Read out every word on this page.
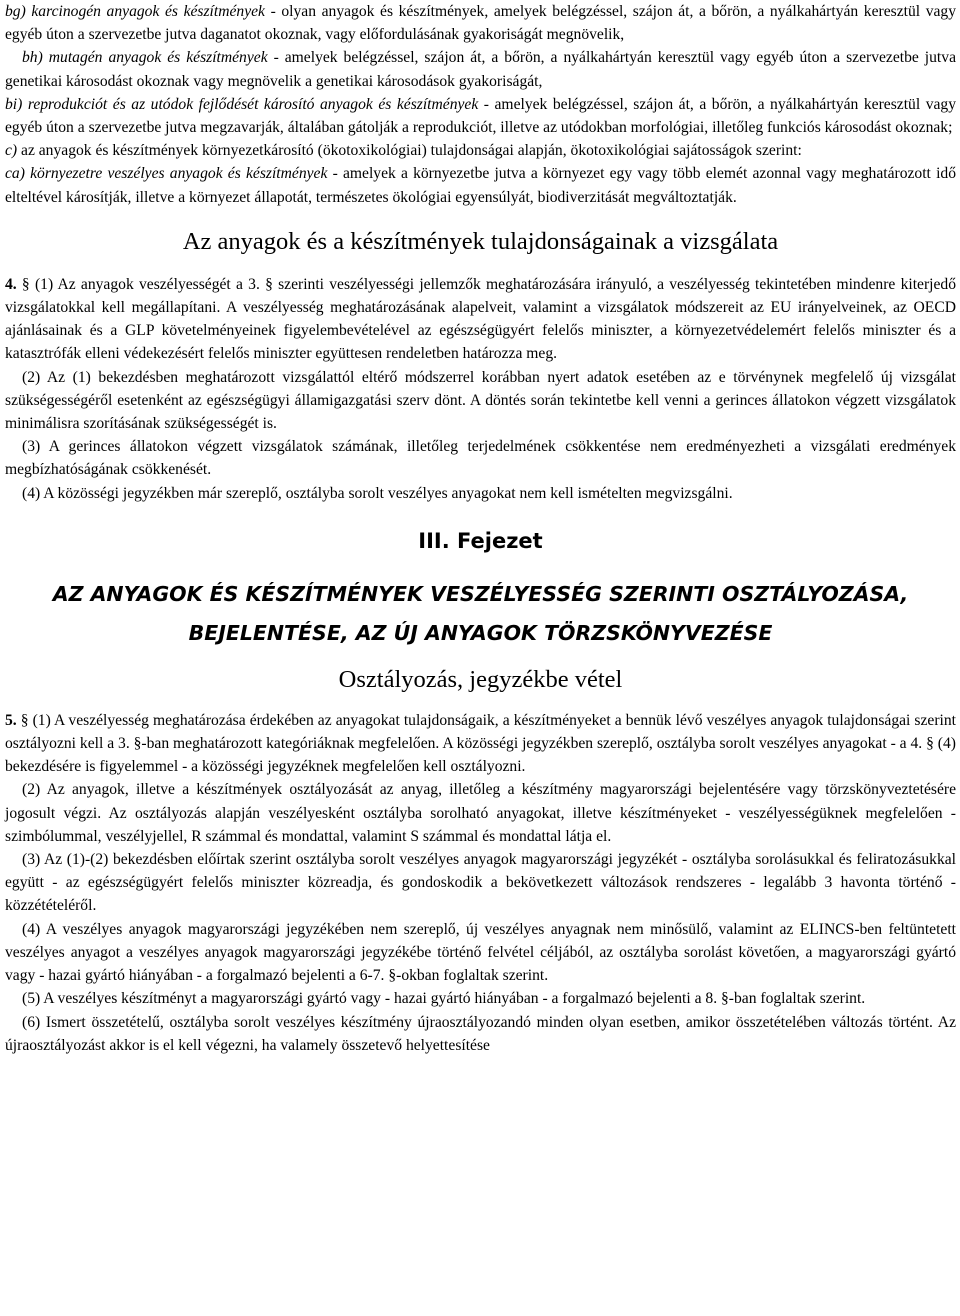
bg) karcinogén anyagok és készítmények - olyan anyagok és készítmények, amelyek belégzéssel, szájon át, a bőrön, a nyálkahártyán keresztül vagy egyéb úton a szervezetbe jutva daganatot okoznak, vagy előfordulásának gyakoriságát megnövelik,

bh) mutagén anyagok és készítmények - amelyek belégzéssel, szájon át, a bőrön, a nyálkahártyán keresztül vagy egyéb úton a szervezetbe jutva genetikai károsodást okoznak vagy megnövelik a genetikai károsodások gyakoriságát,

bi) reprodukciót és az utódok fejlődését károsító anyagok és készítmények - amelyek belégzéssel, szájon át, a bőrön, a nyálkahártyán keresztül vagy egyéb úton a szervezetbe jutva megzavarják, általában gátolják a reprodukciót, illetve az utódokban morfológiai, illetőleg funkciós károsodást okoznak;

c) az anyagok és készítmények környezetkárosító (ökotoxikológiai) tulajdonságai alapján, ökotoxikológiai sajátosságok szerint:

ca) környezetre veszélyes anyagok és készítmények - amelyek a környezetbe jutva a környezet egy vagy több elemét azonnal vagy meghatározott idő elteltével károsítják, illetve a környezet állapotát, természetes ökológiai egyensúlyát, biodiverzitását megváltoztatják.

Az anyagok és a készítmények tulajdonságainak a vizsgálata

4. § (1) Az anyagok veszélyességét a 3. § szerinti veszélyességi jellemzők meghatározására irányuló, a veszélyesség tekintetében mindenre kiterjedő vizsgálatokkal kell megállapítani. A veszélyesség meghatározásának alapelveit, valamint a vizsgálatok módszereit az EU irányelveinek, az OECD ajánlásainak és a GLP követelményeinek figyelembevételével az egészségügyért felelős miniszter, a környezetvédelemért felelős miniszter és a katasztrófák elleni védekezésért felelős miniszter együttesen rendeletben határozza meg.

(2) Az (1) bekezdésben meghatározott vizsgálattól eltérő módszerrel korábban nyert adatok esetében az e törvénynek megfelelő új vizsgálat szükségességéről esetenként az egészségügyi államigazgatási szerv dönt. A döntés során tekintetbe kell venni a gerinces állatokon végzett vizsgálatok minimálisra szorításának szükségességét is.

(3) A gerinces állatokon végzett vizsgálatok számának, illetőleg terjedelmének csökkentése nem eredményezheti a vizsgálati eredmények megbízhatóságának csökkenését.

(4) A közösségi jegyzékben már szereplő, osztályba sorolt veszélyes anyagokat nem kell ismételten megvizsgálni.

III. Fejezet
AZ ANYAGOK ÉS KÉSZÍTMÉNYEK VESZÉLYESSÉG SZERINTI OSZTÁLYOZÁSA,
BEJELENTÉSE, AZ ÚJ ANYAGOK TÖRZSKÖNYVEZÉSE
Osztályozás, jegyzékbe vétel

5. § (1) A veszélyesség meghatározása érdekében az anyagokat tulajdonságaik, a készítményeket a bennük lévő veszélyes anyagok tulajdonságai szerint osztályozni kell a 3. §-ban meghatározott kategóriáknak megfelelően. A közösségi jegyzékben szereplő, osztályba sorolt veszélyes anyagokat - a 4. § (4) bekezdésére is figyelemmel - a közösségi jegyzéknek megfelelően kell osztályozni.

(2) Az anyagok, illetve a készítmények osztályozását az anyag, illetőleg a készítmény magyarországi bejelentésére vagy törzskönyveztetésére jogosult végzi. Az osztályozás alapján veszélyesként osztályba sorolható anyagokat, illetve készítményeket - veszélyességüknek megfelelően - szimbólummal, veszélyjellel, R számmal és mondattal, valamint S számmal és mondattal látja el.

(3) Az (1)-(2) bekezdésben előírtak szerint osztályba sorolt veszélyes anyagok magyarországi jegyzékét - osztályba sorolásukkal és feliratozásukkal együtt - az egészségügyért felelős miniszter közreadja, és gondoskodik a bekövetkezett változások rendszeres - legalább 3 havonta történő - közzétételéről.

(4) A veszélyes anyagok magyarországi jegyzékében nem szereplő, új veszélyes anyagnak nem minősülő, valamint az ELINCS-ben feltüntetett veszélyes anyagot a veszélyes anyagok magyarországi jegyzékébe történő felvétel céljából, az osztályba sorolást követően, a magyarországi gyártó vagy - hazai gyártó hiányában - a forgalmazó bejelenti a 6-7. §-okban foglaltak szerint.

(5) A veszélyes készítményt a magyarországi gyártó vagy - hazai gyártó hiányában - a forgalmazó bejelenti a 8. §-ban foglaltak szerint.

(6) Ismert összetételű, osztályba sorolt veszélyes készítmény újraosztályozandó minden olyan esetben, amikor összetételében változás történt. Az újraosztályozást akkor is el kell végezni, ha valamely összetevő helyettesítése
